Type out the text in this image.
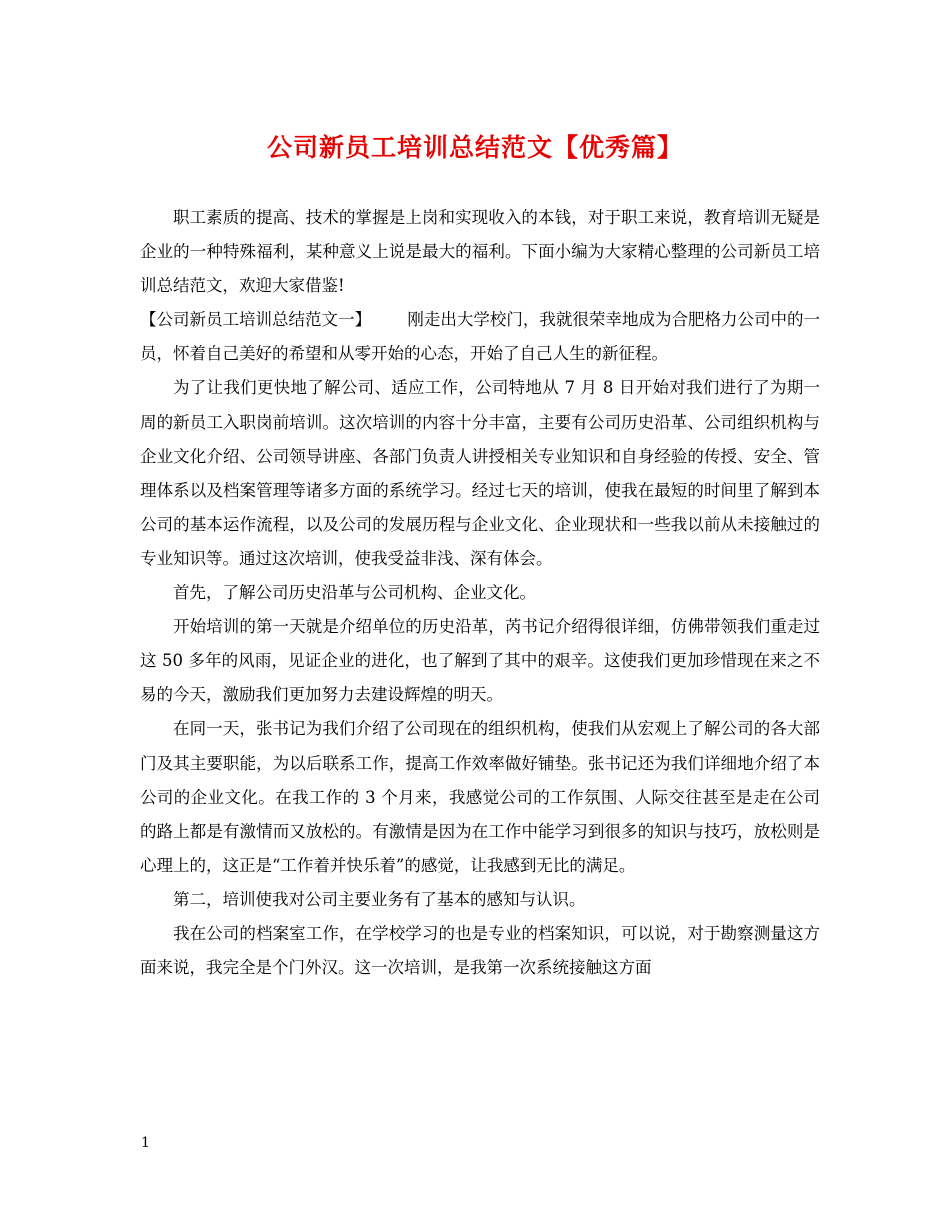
公司新员工培训总结范文【优秀篇】

职工素质的提高、技术的掌握是上岗和实现收入的本钱，对于职工来说，教育培训无疑是企业的一种特殊福利，某种意义上说是最大的福利。下面小编为大家精心整理的公司新员工培训总结范文，欢迎大家借鉴!

【公司新员工培训总结范文一】 刚走出大学校门，我就很荣幸地成为合肥格力公司中的一员，怀着自己美好的希望和从零开始的心态，开始了自己人生的新征程。

为了让我们更快地了解公司、适应工作，公司特地从 7 月 8 日开始对我们进行了为期一周的新员工入职岗前培训。这次培训的内容十分丰富，主要有公司历史沿革、公司组织机构与企业文化介绍、公司领导讲座、各部门负责人讲授相关专业知识和自身经验的传授、安全、管理体系以及档案管理等诸多方面的系统学习。经过七天的培训，使我在最短的时间里了解到本公司的基本运作流程，以及公司的发展历程与企业文化、企业现状和一些我以前从未接触过的专业知识等。通过这次培训，使我受益非浅、深有体会。

首先，了解公司历史沿革与公司机构、企业文化。

开始培训的第一天就是介绍单位的历史沿革，芮书记介绍得很详细，仿佛带领我们重走过这 50 多年的风雨，见证企业的进化，也了解到了其中的艰辛。这使我们更加珍惜现在来之不易的今天，激励我们更加努力去建设辉煌的明天。

在同一天，张书记为我们介绍了公司现在的组织机构，使我们从宏观上了解公司的各大部门及其主要职能，为以后联系工作，提高工作效率做好铺垫。张书记还为我们详细地介绍了本公司的企业文化。在我工作的 3 个月来，我感觉公司的工作氛围、人际交往甚至是走在公司的路上都是有激情而又放松的。有激情是因为在工作中能学习到很多的知识与技巧，放松则是心理上的，这正是“工作着并快乐着”的感觉，让我感到无比的满足。

第二，培训使我对公司主要业务有了基本的感知与认识。

我在公司的档案室工作，在学校学习的也是专业的档案知识，可以说，对于勘察测量这方面来说，我完全是个门外汉。这一次培训，是我第一次系统接触这方面

1
